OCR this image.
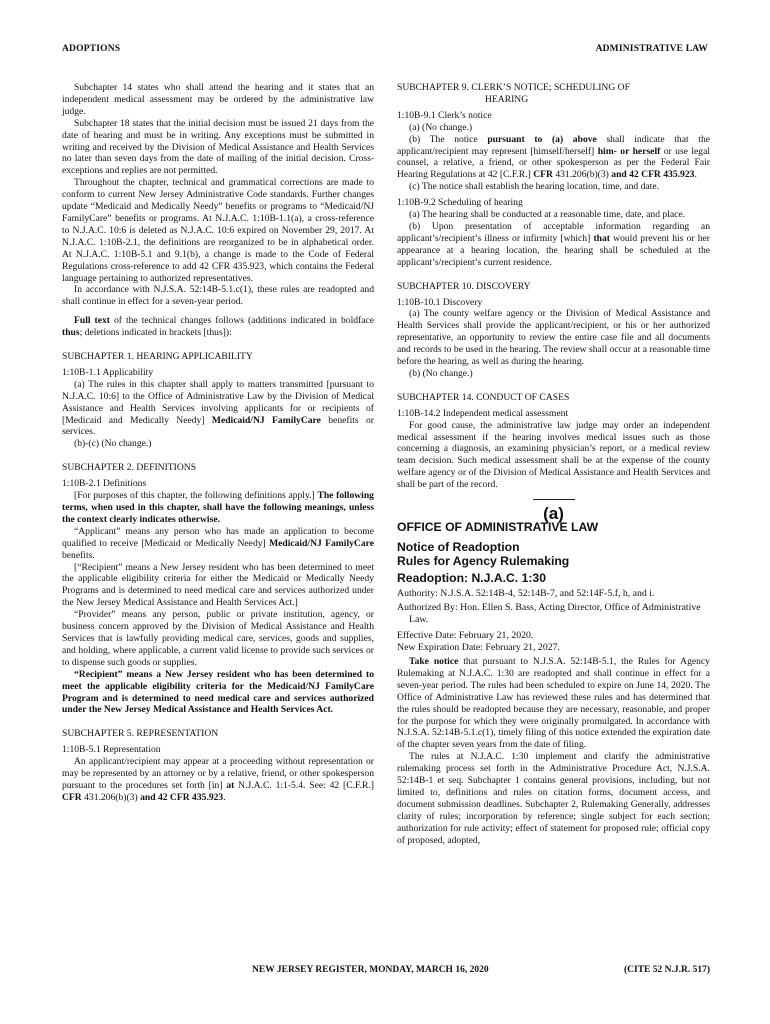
ADOPTIONS	ADMINISTRATIVE LAW

Subchapter 14 states who shall attend the hearing and it states that an independent medical assessment may be ordered by the administrative law judge.

Subchapter 18 states that the initial decision must be issued 21 days from the date of hearing and must be in writing. Any exceptions must be submitted in writing and received by the Division of Medical Assistance and Health Services no later than seven days from the date of mailing of the initial decision. Cross-exceptions and replies are not permitted.

Throughout the chapter, technical and grammatical corrections are made to conform to current New Jersey Administrative Code standards. Further changes update “Medicaid and Medically Needy” benefits or programs to “Medicaid/NJ FamilyCare” benefits or programs. At N.J.A.C. 1:10B-1.1(a), a cross-reference to N.J.A.C. 10:6 is deleted as N.J.A.C. 10:6 expired on November 29, 2017. At N.J.A.C. 1:10B-2.1, the definitions are reorganized to be in alphabetical order. At N.J.A.C. 1:10B-5.1 and 9.1(b), a change is made to the Code of Federal Regulations cross-reference to add 42 CFR 435.923, which contains the Federal language pertaining to authorized representatives.

In accordance with N.J.S.A. 52:14B-5.1.c(1), these rules are readopted and shall continue in effect for a seven-year period.

Full text of the technical changes follows (additions indicated in boldface thus; deletions indicated in brackets [thus]):

SUBCHAPTER 1. HEARING APPLICABILITY

1:10B-1.1 Applicability

(a) The rules in this chapter shall apply to matters transmitted [pursuant to N.J.A.C. 10:6] to the Office of Administrative Law by the Division of Medical Assistance and Health Services involving applicants for or recipients of [Medicaid and Medically Needy] Medicaid/NJ FamilyCare benefits or services.

(b)-(c) (No change.)

SUBCHAPTER 2. DEFINITIONS

1:10B-2.1 Definitions

[For purposes of this chapter, the following definitions apply.] The following terms, when used in this chapter, shall have the following meanings, unless the context clearly indicates otherwise.

“Applicant” means any person who has made an application to become qualified to receive [Medicaid or Medically Needy] Medicaid/NJ FamilyCare benefits.

[“Recipient” means a New Jersey resident who has been determined to meet the applicable eligibility criteria for either the Medicaid or Medically Needy Programs and is determined to need medical care and services authorized under the New Jersey Medical Assistance and Health Services Act.]

“Provider” means any person, public or private institution, agency, or business concern approved by the Division of Medical Assistance and Health Services that is lawfully providing medical care, services, goods and supplies, and holding, where applicable, a current valid license to provide such services or to dispense such goods or supplies.

“Recipient” means a New Jersey resident who has been determined to meet the applicable eligibility criteria for the Medicaid/NJ FamilyCare Program and is determined to need medical care and services authorized under the New Jersey Medical Assistance and Health Services Act.

SUBCHAPTER 5. REPRESENTATION

1:10B-5.1 Representation

An applicant/recipient may appear at a proceeding without representation or may be represented by an attorney or by a relative, friend, or other spokesperson pursuant to the procedures set forth [in] at N.J.A.C. 1:1-5.4. See: 42 [C.F.R.] CFR 431.206(b)(3) and 42 CFR 435.923.

SUBCHAPTER 9. CLERK’S NOTICE; SCHEDULING OF

HEARING

1:10B-9.1 Clerk’s notice

(a) (No change.)

(b) The notice pursuant to (a) above shall indicate that the applicant/recipient may represent [himself/herself] him- or herself or use legal counsel, a relative, a friend, or other spokesperson as per the Federal Fair Hearing Regulations at 42 [C.F.R.] CFR 431.206(b)(3) and 42 CFR 435.923.

(c) The notice shall establish the hearing location, time, and date.

1:10B-9.2 Scheduling of hearing

(a) The hearing shall be conducted at a reasonable time, date, and place.

(b) Upon presentation of acceptable information regarding an applicant’s/recipient’s illness or infirmity [which] that would prevent his or her appearance at a hearing location, the hearing shall be scheduled at the applicant’s/recipient’s current residence.

SUBCHAPTER 10. DISCOVERY

1:10B-10.1 Discovery

(a) The county welfare agency or the Division of Medical Assistance and Health Services shall provide the applicant/recipient, or his or her authorized representative, an opportunity to review the entire case file and all documents and records to be used in the hearing. The review shall occur at a reasonable time before the hearing, as well as during the hearing.

(b) (No change.)

SUBCHAPTER 14. CONDUCT OF CASES

1:10B-14.2 Independent medical assessment

For good cause, the administrative law judge may order an independent medical assessment if the hearing involves medical issues such as those concerning a diagnosis, an examining physician’s report, or a medical review team decision. Such medical assessment shall be at the expense of the county welfare agency or of the Division of Medical Assistance and Health Services and shall be part of the record.

(a)

OFFICE OF ADMINISTRATIVE LAW

Notice of Readoption

Rules for Agency Rulemaking

Readoption: N.J.A.C. 1:30

Authority: N.J.S.A. 52:14B-4, 52:14B-7, and 52:14F-5.f, h, and i.

Authorized By: Hon. Ellen S. Bass, Acting Director, Office of Administrative Law.

Effective Date: February 21, 2020.

New Expiration Date: February 21, 2027.

Take notice that pursuant to N.J.S.A. 52:14B-5.1, the Rules for Agency Rulemaking at N.J.A.C. 1:30 are readopted and shall continue in effect for a seven-year period. The rules had been scheduled to expire on June 14, 2020. The Office of Administrative Law has reviewed these rules and has determined that the rules should be readopted because they are necessary, reasonable, and proper for the purpose for which they were originally promulgated. In accordance with N.J.S.A. 52:14B-5.1.c(1), timely filing of this notice extended the expiration date of the chapter seven years from the date of filing.

The rules at N.J.A.C. 1:30 implement and clarify the administrative rulemaking process set forth in the Administrative Procedure Act, N.J.S.A. 52:14B-1 et seq. Subchapter 1 contains general provisions, including, but not limited to, definitions and rules on citation forms, document access, and document submission deadlines. Subchapter 2, Rulemaking Generally, addresses clarity of rules; incorporation by reference; single subject for each section; authorization for rule activity; effect of statement for proposed rule; official copy of proposed, adopted,

NEW JERSEY REGISTER, MONDAY, MARCH 16, 2020	(CITE 52 N.J.R. 517)
